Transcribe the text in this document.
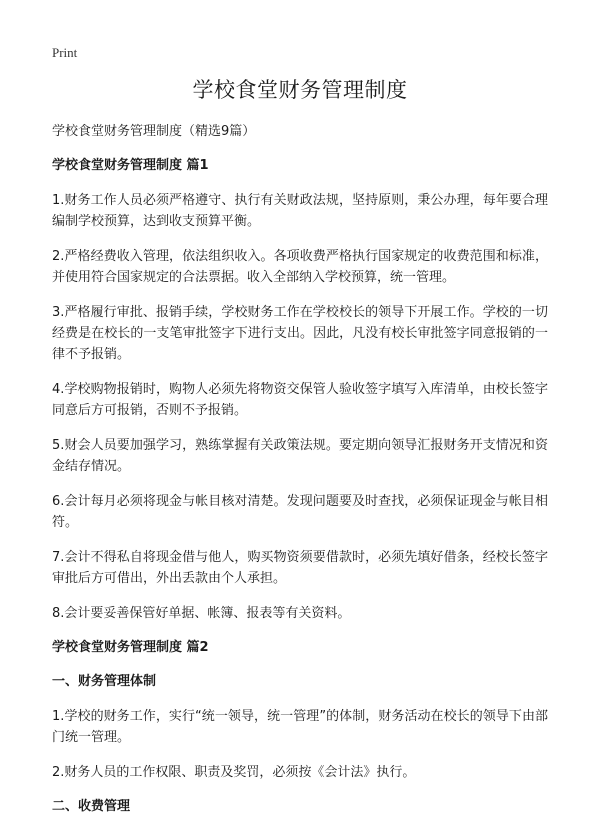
Print
学校食堂财务管理制度
学校食堂财务管理制度（精选9篇）
学校食堂财务管理制度 篇1

1.财务工作人员必须严格遵守、执行有关财政法规，坚持原则，秉公办理，每年要合理编制学校预算，达到收支预算平衡。

2.严格经费收入管理，依法组织收入。各项收费严格执行国家规定的收费范围和标准，并使用符合国家规定的合法票据。收入全部纳入学校预算，统一管理。

3.严格履行审批、报销手续，学校财务工作在学校校长的领导下开展工作。学校的一切经费是在校长的一支笔审批签字下进行支出。因此，凡没有校长审批签字同意报销的一律不予报销。

4.学校购物报销时，购物人必须先将物资交保管人验收签字填写入库清单，由校长签字同意后方可报销，否则不予报销。

5.财会人员要加强学习，熟练掌握有关政策法规。要定期向领导汇报财务开支情况和资金结存情况。

6.会计每月必须将现金与帐目核对清楚。发现问题要及时查找，必须保证现金与帐目相符。

7.会计不得私自将现金借与他人，购买物资须要借款时，必须先填好借条，经校长签字审批后方可借出，外出丢款由个人承担。

8.会计要妥善保管好单据、帐簿、报表等有关资料。

学校食堂财务管理制度 篇2
一、财务管理体制

1.学校的财务工作，实行“统一领导，统一管理”的体制，财务活动在校长的领导下由部门统一管理。

2.财务人员的工作权限、职责及奖罚，必须按《会计法》执行。

二、收费管理
